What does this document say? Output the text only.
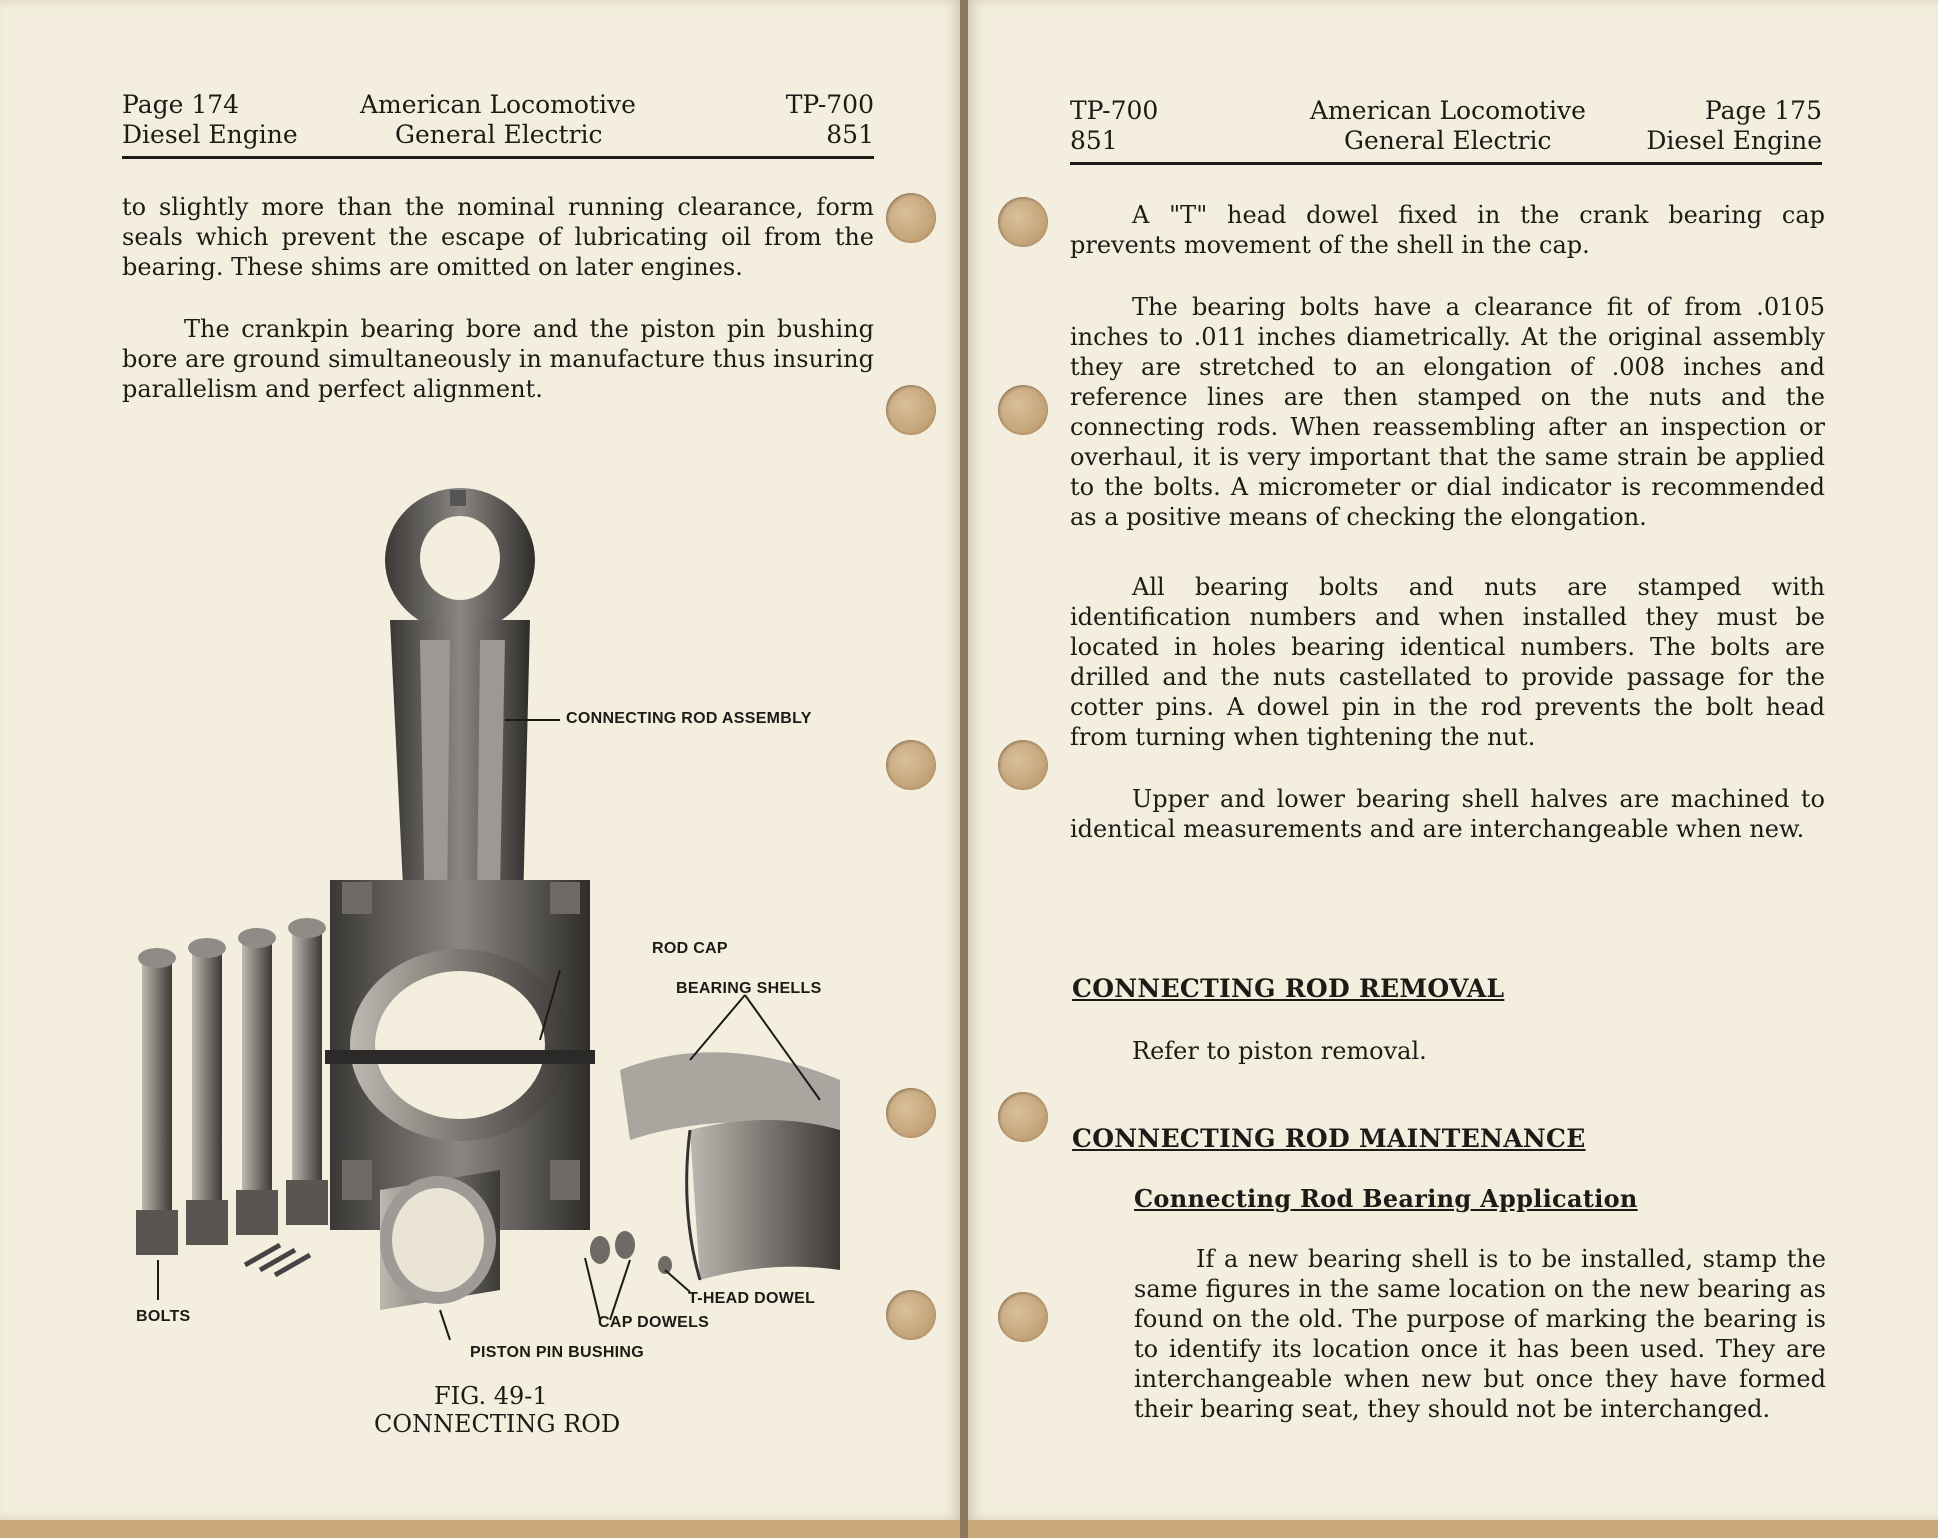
Page 174	American Locomotive	TP-700
Diesel Engine	General Electric	851

to slightly more than the nominal running clearance, form seals which prevent the escape of lubricating oil from the bearing. These shims are omitted on later engines.

The crankpin bearing bore and the piston pin bushing bore are ground simultaneously in manufacture thus insuring parallelism and perfect alignment.

CONNECTING ROD ASSEMBLY
ROD CAP
BEARING SHELLS
T-HEAD DOWEL
CAP DOWELS
PISTON PIN BUSHING
BOLTS
FIG. 49-1
CONNECTING ROD
TP-700	American Locomotive	Page 175
851	General Electric	Diesel Engine

A "T" head dowel fixed in the crank bearing cap prevents movement of the shell in the cap.

The bearing bolts have a clearance fit of from .0105 inches to .011 inches diametrically. At the original assembly they are stretched to an elongation of .008 inches and reference lines are then stamped on the nuts and the connecting rods. When reassembling after an inspection or overhaul, it is very important that the same strain be applied to the bolts. A micrometer or dial indicator is recommended as a positive means of checking the elongation.

All bearing bolts and nuts are stamped with identification numbers and when installed they must be located in holes bearing identical numbers. The bolts are drilled and the nuts castellated to provide passage for the cotter pins. A dowel pin in the rod prevents the bolt head from turning when tightening the nut.

Upper and lower bearing shell halves are machined to identical measurements and are interchangeable when new.

CONNECTING ROD REMOVAL

Refer to piston removal.

CONNECTING ROD MAINTENANCE
Connecting Rod Bearing Application

If a new bearing shell is to be installed, stamp the same figures in the same location on the new bearing as found on the old. The purpose of marking the bearing is to identify its location once it has been used. They are interchangeable when new but once they have formed their bearing seat, they should not be interchanged.
